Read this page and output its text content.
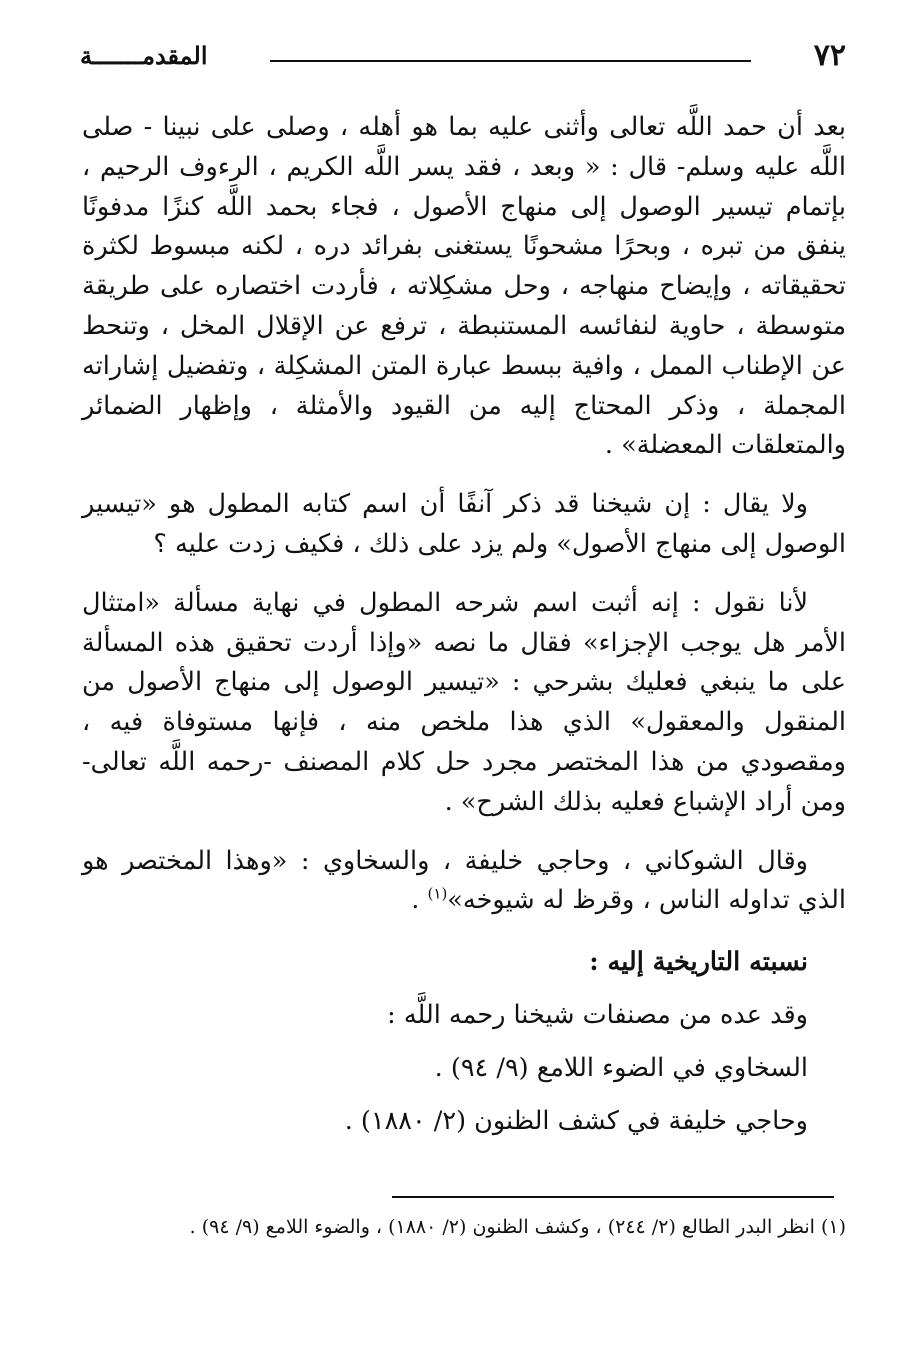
٧٢
المقدمـــــــة

بعد أن حمد اللَّه تعالى وأثنى عليه بما هو أهله ، وصلى على نبينا - صلى اللَّه عليه وسلم- قال : « وبعد ، فقد يسر اللَّه الكريم ، الرءوف الرحيم ، بإتمام تيسير الوصول إلى منهاج الأصول ، فجاء بحمد اللَّه كنزًا مدفونًا ينفق من تبره ، وبحرًا مشحونًا يستغنى بفرائد دره ، لكنه مبسوط لكثرة تحقيقاته ، وإيضاح منهاجه ، وحل مشكِلاته ، فأردت اختصاره على طريقة متوسطة ، حاوية لنفائسه المستنبطة ، ترفع عن الإقلال المخل ، وتنحط عن الإطناب الممل ، وافية ببسط عبارة المتن المشكِلة ، وتفضيل إشاراته المجملة ، وذكر المحتاج إليه من القيود والأمثلة ، وإظهار الضمائر والمتعلقات المعضلة» .

ولا يقال : إن شيخنا قد ذكر آنفًا أن اسم كتابه المطول هو «تيسير الوصول إلى منهاج الأصول» ولم يزد على ذلك ، فكيف زدت عليه ؟

لأنا نقول : إنه أثبت اسم شرحه المطول في نهاية مسألة «امتثال الأمر هل يوجب الإجزاء» فقال ما نصه «وإذا أردت تحقيق هذه المسألة على ما ينبغي فعليك بشرحي : «تيسير الوصول إلى منهاج الأصول من المنقول والمعقول» الذي هذا ملخص منه ، فإنها مستوفاة فيه ، ومقصودي من هذا المختصر مجرد حل كلام المصنف -رحمه اللَّه تعالى- ومن أراد الإشباع فعليه بذلك الشرح» .

وقال الشوكاني ، وحاجي خليفة ، والسخاوي : «وهذا المختصر هو الذي تداوله الناس ، وقرظ له شيوخه»$^{(١)}$ .

نسبته التاريخية إليه :
وقد عده من مصنفات شيخنا رحمه اللَّه :
السخاوي في الضوء اللامع (٩/ ٩٤) .
وحاجي خليفة في كشف الظنون (٢/ ١٨٨٠) .
(١) انظر البدر الطالع (٢/ ٢٤٤) ، وكشف الظنون (٢/ ١٨٨٠) ، والضوء اللامع (٩/ ٩٤) .
